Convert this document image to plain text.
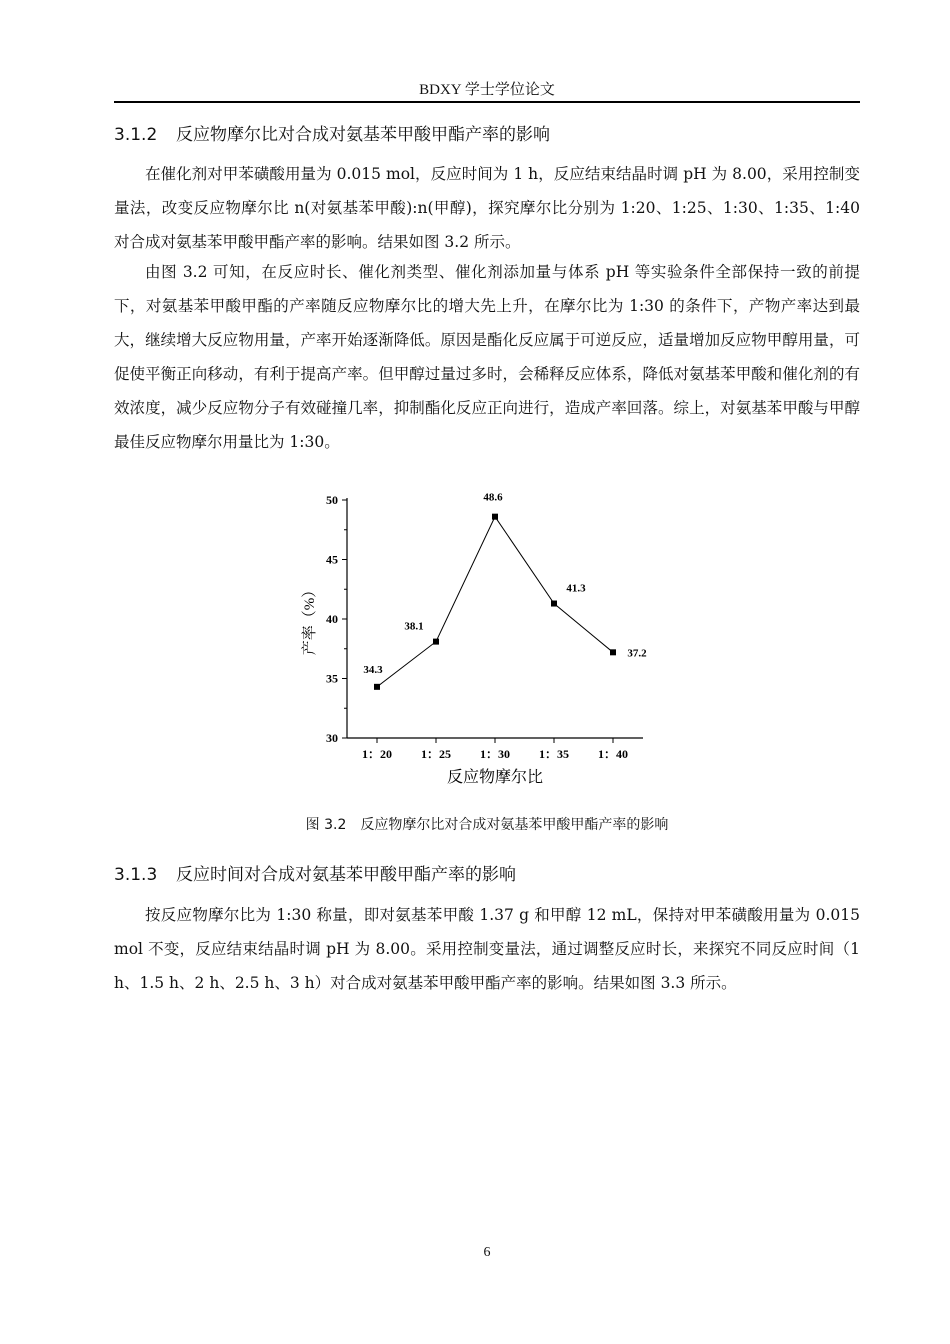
BDXY 学士学位论文
3.1.2 反应物摩尔比对合成对氨基苯甲酸甲酯产率的影响

在催化剂对甲苯磺酸用量为 0.015 mol，反应时间为 1 h，反应结束结晶时调 pH 为 8.00，采用控制变量法，改变反应物摩尔比 n(对氨基苯甲酸):n(甲醇)，探究摩尔比分别为 1:20、1:25、1:30、1:35、1:40 对合成对氨基苯甲酸甲酯产率的影响。结果如图 3.2 所示。

由图 3.2 可知，在反应时长、催化剂类型、催化剂添加量与体系 pH 等实验条件全部保持一致的前提下，对氨基苯甲酸甲酯的产率随反应物摩尔比的增大先上升，在摩尔比为 1:30 的条件下，产物产率达到最大，继续增大反应物用量，产率开始逐渐降低。原因是酯化反应属于可逆反应，适量增加反应物甲醇用量，可促使平衡正向移动，有利于提高产率。但甲醇过量过多时，会稀释反应体系，降低对氨基苯甲酸和催化剂的有效浓度，减少反应物分子有效碰撞几率，抑制酯化反应正向进行，造成产率回落。综上，对氨基苯甲酸与甲醇最佳反应物摩尔用量比为 1:30。

30
35
40
45
50
1：20 1：25 1：30 1：35 1：40
34.3
38.1
48.6
41.3
37.2
反应物摩尔比
产率（%）
图 3.2 反应物摩尔比对合成对氨基苯甲酸甲酯产率的影响
3.1.3 反应时间对合成对氨基苯甲酸甲酯产率的影响

按反应物摩尔比为 1:30 称量，即对氨基苯甲酸 1.37 g 和甲醇 12 mL，保持对甲苯磺酸用量为 0.015 mol 不变，反应结束结晶时调 pH 为 8.00。采用控制变量法，通过调整反应时长，来探究不同反应时间（1 h、1.5 h、2 h、2.5 h、3 h）对合成对氨基苯甲酸甲酯产率的影响。结果如图 3.3 所示。

6
